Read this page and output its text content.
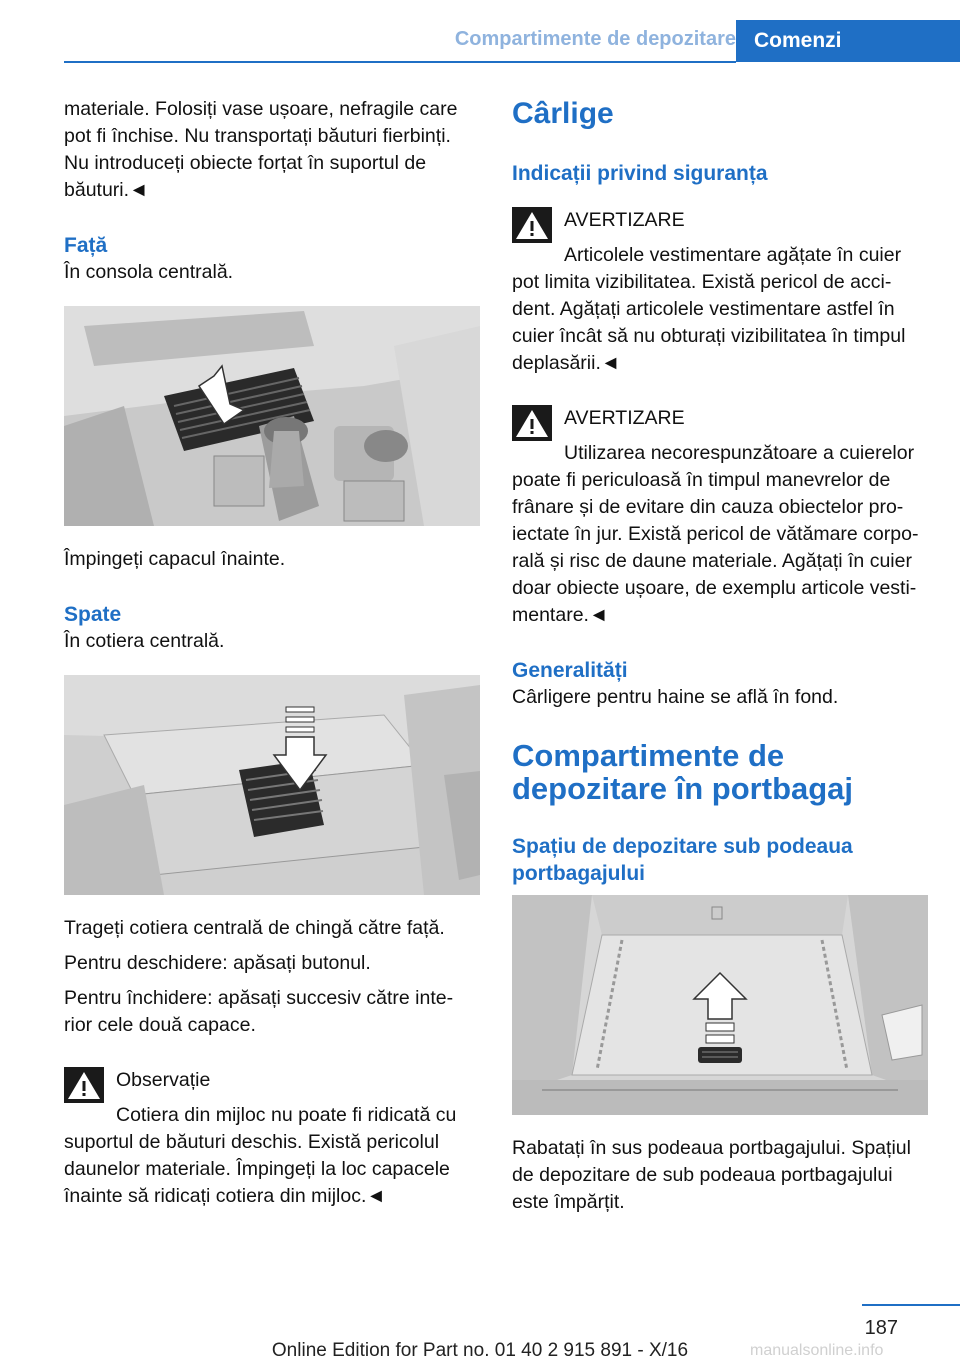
Compartimente de depozitare Comenzi

materiale. Folosiți vase ușoare, nefragile care pot fi închise. Nu transportați băuturi fierbinți. Nu introduceți obiecte forțat în suportul de băuturi.◄

Față

În consola centrală.

Împingeți capacul înainte.

Spate

În cotiera centrală.

Trageți cotiera centrală de chingă către față.

Pentru deschidere: apăsați butonul.

Pentru închidere: apăsați succesiv către inte-rior cele două capace.

Observație

Cotiera din mijloc nu poate fi ridicată cu suportul de băuturi deschis. Există pericolul daunelor materiale. Împingeți la loc capacele înainte să ridicați cotiera din mijloc.◄

Cârlige
Indicații privind siguranța

AVERTIZARE

Articolele vestimentare agățate în cuier pot limita vizibilitatea. Există pericol de acci-dent. Agățați articolele vestimentare astfel în cuier încât să nu obturați vizibilitatea în timpul deplasării.◄

AVERTIZARE

Utilizarea necorespunzătoare a cuierelor poate fi periculoasă în timpul manevrelor de frânare și de evitare din cauza obiectelor pro-iectate în jur. Există pericol de vătămare corpo-rală și risc de daune materiale. Agățați în cuier doar obiecte ușoare, de exemplu articole vesti-mentare.◄

Generalități

Cârligere pentru haine se află în fond.

Compartimente de depozitare în portbagaj
Spațiu de depozitare sub podeaua portbagajului

Rabatați în sus podeaua portbagajului. Spațiul de depozitare de sub podeaua portbagajului este împărțit.

187
Online Edition for Part no. 01 40 2 915 891 - X/16	manualsonline.info
